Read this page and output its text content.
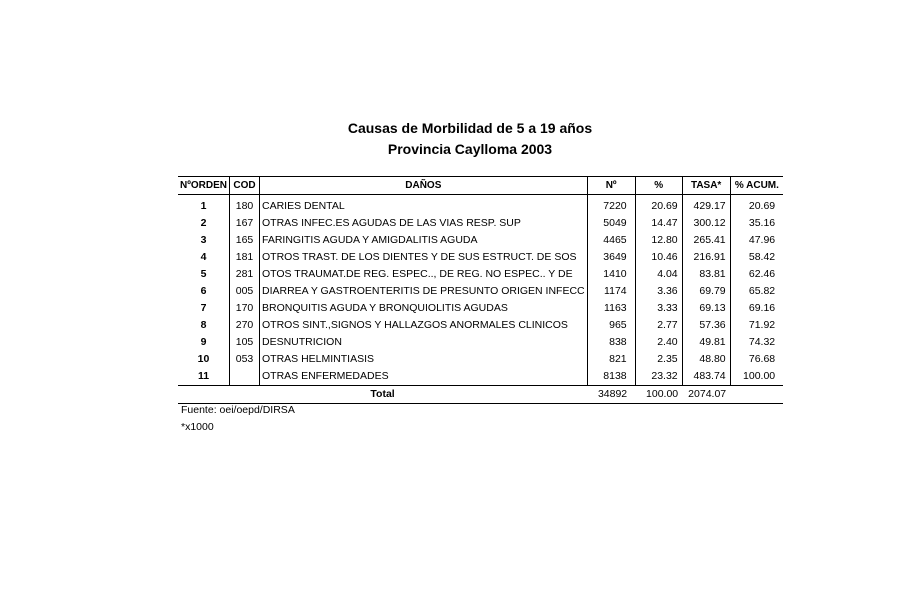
Causas de Morbilidad de 5 a 19 años
Provincia Caylloma 2003
NºORDEN	COD	DAÑOS	Nº	%	TASA*	% ACUM.
1	180	CARIES DENTAL	7220	20.69	429.17	20.69
2	167	OTRAS INFEC.ES AGUDAS DE LAS VIAS RESP. SUP	5049	14.47	300.12	35.16
3	165	FARINGITIS AGUDA Y AMIGDALITIS AGUDA	4465	12.80	265.41	47.96
4	181	OTROS TRAST. DE LOS DIENTES Y DE SUS ESTRUCT. DE SOS	3649	10.46	216.91	58.42
5	281	OTOS TRAUMAT.DE REG. ESPEC.., DE REG. NO ESPEC.. Y DE	1410	4.04	83.81	62.46
6	005	DIARREA Y GASTROENTERITIS DE PRESUNTO ORIGEN INFECC	1174	3.36	69.79	65.82
7	170	BRONQUITIS AGUDA Y BRONQUIOLITIS AGUDAS	1163	3.33	69.13	69.16
8	270	OTROS SINT.,SIGNOS Y HALLAZGOS ANORMALES CLINICOS	965	2.77	57.36	71.92
9	105	DESNUTRICION	838	2.40	49.81	74.32
10	053	OTRAS HELMINTIASIS	821	2.35	48.80	76.68
11		OTRAS ENFERMEDADES	8138	23.32	483.74	100.00
Total			34892	100.00	2074.07	
Fuente: oei/oepd/DIRSA
*x1000
